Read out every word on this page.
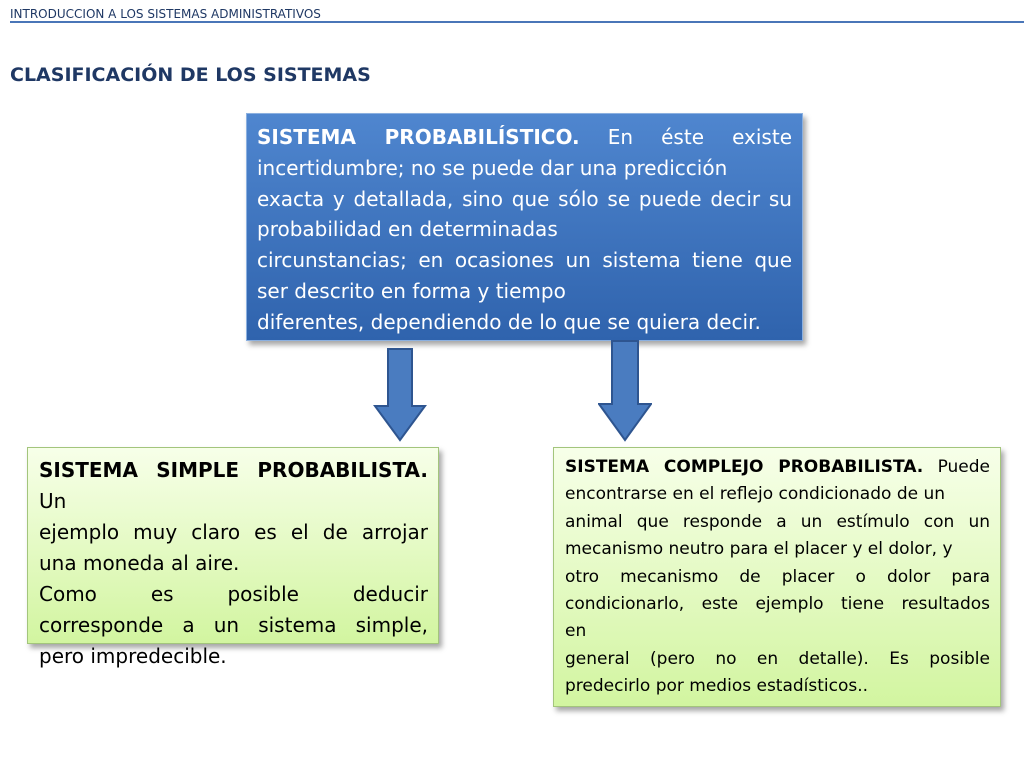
INTRODUCCION A LOS SISTEMAS ADMINISTRATIVOS
CLASIFICACIÓN DE LOS SISTEMAS
SISTEMA PROBABILÍSTICO. En éste existe
incertidumbre; no se puede dar una predicción
exacta y detallada, sino que sólo se puede decir su
probabilidad en determinadas
circunstancias; en ocasiones un sistema tiene que
ser descrito en forma y tiempo
diferentes, dependiendo de lo que se quiera decir.
SISTEMA SIMPLE PROBABILISTA. Un
ejemplo muy claro es el de arrojar
una moneda al aire.
Como es posible deducir
corresponde a un sistema simple,
pero impredecible.
SISTEMA COMPLEJO PROBABILISTA. Puede
encontrarse en el reflejo condicionado de un
animal que responde a un estímulo con un
mecanismo neutro para el placer y el dolor, y
otro mecanismo de placer o dolor para
condicionarlo, este ejemplo tiene resultados
en
general (pero no en detalle). Es posible
predecirlo por medios estadísticos..
